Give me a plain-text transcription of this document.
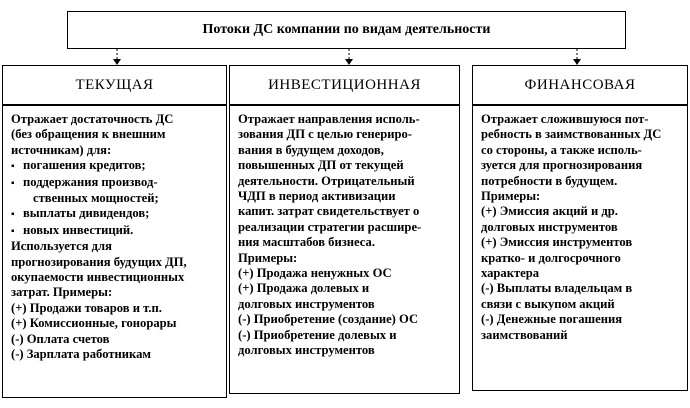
Потоки ДС компании по видам деятельности
ТЕКУЩАЯ	ИНВЕСТИЦИОННАЯ	ФИНАНСОВАЯ
Отражает достаточность ДС
(без обращения к внешним
источникам) для:
▪ погашения кредитов;
▪ поддержания производ-
ственных мощностей;
▪ выплаты дивидендов;
▪ новых инвестиций.
Используется для
прогнозирования будущих ДП,
окупаемости инвестиционных
затрат. Примеры:
(+) Продажи товаров и т.п.
(+) Комиссионные, гонорары
(-) Оплата счетов
(-) Зарплата работникам
Отражает направления исполь-
зования ДП с целью генериро-
вания в будущем доходов,
повышенных ДП от текущей
деятельности. Отрицательный
ЧДП в период активизации
капит. затрат свидетельствует о
реализации стратегии расшире-
ния масштабов бизнеса.
Примеры:
(+) Продажа ненужных ОС
(+) Продажа долевых и
долговых инструментов
(-) Приобретение (создание) ОС
(-) Приобретение долевых и
долговых инструментов
Отражает сложившуюся пот-
ребность в заимствованных ДС
со стороны, а также исполь-
зуется для прогнозирования
потребности в будущем.
Примеры:
(+) Эмиссия акций и др.
долговых инструментов
(+) Эмиссия инструментов
кратко- и долгосрочного
характера
(-) Выплаты владельцам в
связи с выкупом акций
(-) Денежные погашения
заимствований
